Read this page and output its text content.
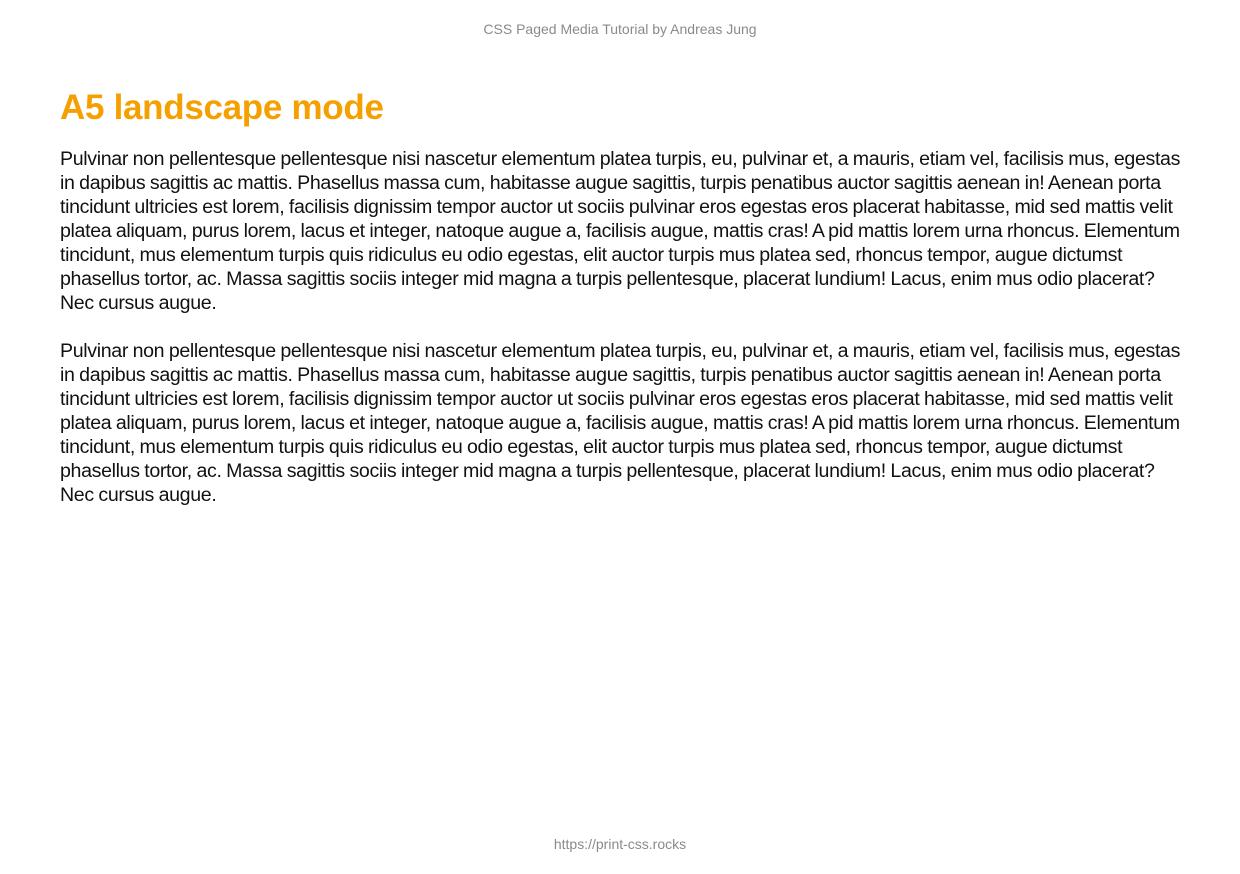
CSS Paged Media Tutorial by Andreas Jung
A5 landscape mode

Pulvinar non pellentesque pellentesque nisi nascetur elementum platea turpis, eu, pulvinar et, a mauris, etiam vel, facilisis mus, egestas in dapibus sagittis ac mattis. Phasellus massa cum, habitasse augue sagittis, turpis penatibus auctor sagittis aenean in! Aenean porta tincidunt ultricies est lorem, facilisis dignissim tempor auctor ut sociis pulvinar eros egestas eros placerat habitasse, mid sed mattis velit platea aliquam, purus lorem, lacus et integer, natoque augue a, facilisis augue, mattis cras! A pid mattis lorem urna rhoncus. Elementum tincidunt, mus elementum turpis quis ridiculus eu odio egestas, elit auctor turpis mus platea sed, rhoncus tempor, augue dictumst phasellus tortor, ac. Massa sagittis sociis integer mid magna a turpis pellentesque, placerat lundium! Lacus, enim mus odio placerat? Nec cursus augue.

Pulvinar non pellentesque pellentesque nisi nascetur elementum platea turpis, eu, pulvinar et, a mauris, etiam vel, facilisis mus, egestas in dapibus sagittis ac mattis. Phasellus massa cum, habitasse augue sagittis, turpis penatibus auctor sagittis aenean in! Aenean porta tincidunt ultricies est lorem, facilisis dignissim tempor auctor ut sociis pulvinar eros egestas eros placerat habitasse, mid sed mattis velit platea aliquam, purus lorem, lacus et integer, natoque augue a, facilisis augue, mattis cras! A pid mattis lorem urna rhoncus. Elementum tincidunt, mus elementum turpis quis ridiculus eu odio egestas, elit auctor turpis mus platea sed, rhoncus tempor, augue dictumst phasellus tortor, ac. Massa sagittis sociis integer mid magna a turpis pellentesque, placerat lundium! Lacus, enim mus odio placerat? Nec cursus augue.

https://print-css.rocks
